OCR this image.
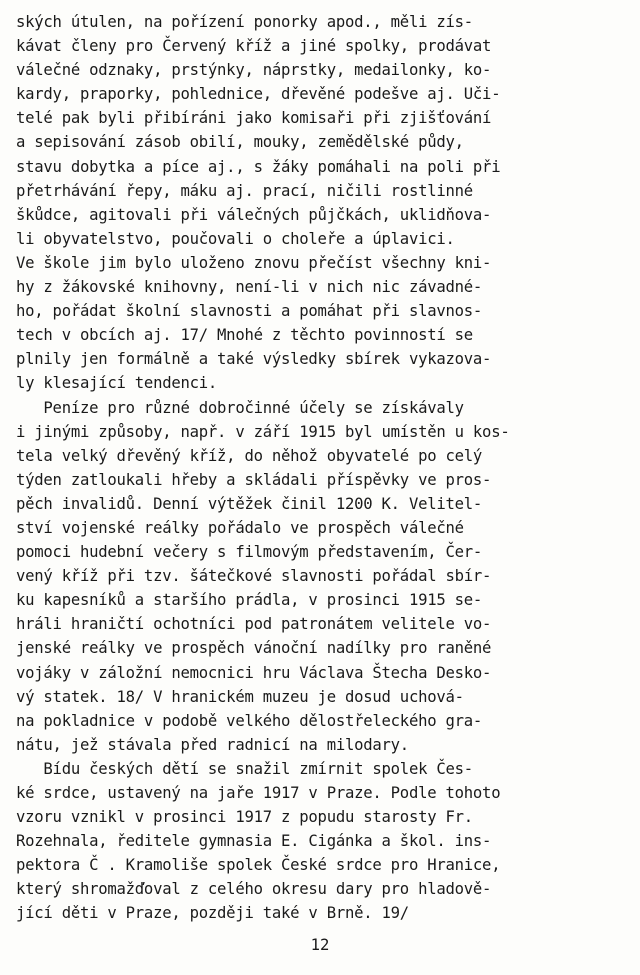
ských útulen, na pořízení ponorky apod., měli zís-
kávat členy pro Červený kříž a jiné spolky, prodávat
válečné odznaky, prstýnky, náprstky, medailonky, ko-
kardy, praporky, pohlednice, dřevěné podešve aj. Uči-
telé pak byli přibíráni jako komisaři při zjišťování
a sepisování zásob obilí, mouky, zemědělské půdy,
stavu dobytka a píce aj., s žáky pomáhali na poli při
přetrhávání řepy, máku aj. prací, ničili rostlinné
škůdce, agitovali při válečných půjčkách, uklidňova-
li obyvatelstvo, poučovali o choleře a úplavici.
Ve škole jim bylo uloženo znovu přečíst všechny kni-
hy z žákovské knihovny, není-li v nich nic závadné-
ho, pořádat školní slavnosti a pomáhat při slavnos-
tech v obcích aj. 17/ Mnohé z těchto povinností se
plnily jen formálně a také výsledky sbírek vykazova-
ly klesající tendenci.
Peníze pro různé dobročinné účely se získávaly
i jinými způsoby, např. v září 1915 byl umístěn u kos-
tela velký dřevěný kříž, do něhož obyvatelé po celý
týden zatloukali hřeby a skládali příspěvky ve pros-
pěch invalidů. Denní výtěžek činil 1200 K. Velitel-
ství vojenské reálky pořádalo ve prospěch válečné
pomoci hudební večery s filmovým představením, Čer-
vený kříž při tzv. šátečkové slavnosti pořádal sbír-
ku kapesníků a staršího prádla, v prosinci 1915 se-
hráli hraničtí ochotníci pod patronátem velitele vo-
jenské reálky ve prospěch vánoční nadílky pro raněné
vojáky v záložní nemocnici hru Václava Štecha Desko-
vý statek. 18/ V hranickém muzeu je dosud uchová-
na pokladnice v podobě velkého dělostřeleckého gra-
nátu, jež stávala před radnicí na milodary.
Bídu českých dětí se snažil zmírnit spolek Čes-
ké srdce, ustavený na jaře 1917 v Praze. Podle tohoto
vzoru vznikl v prosinci 1917 z popudu starosty Fr.
Rozehnala, ředitele gymnasia E. Cigánka a škol. ins-
pektora Č . Kramoliše spolek České srdce pro Hranice,
který shromažďoval z celého okresu dary pro hladově-
jící děti v Praze, později také v Brně. 19/
12
